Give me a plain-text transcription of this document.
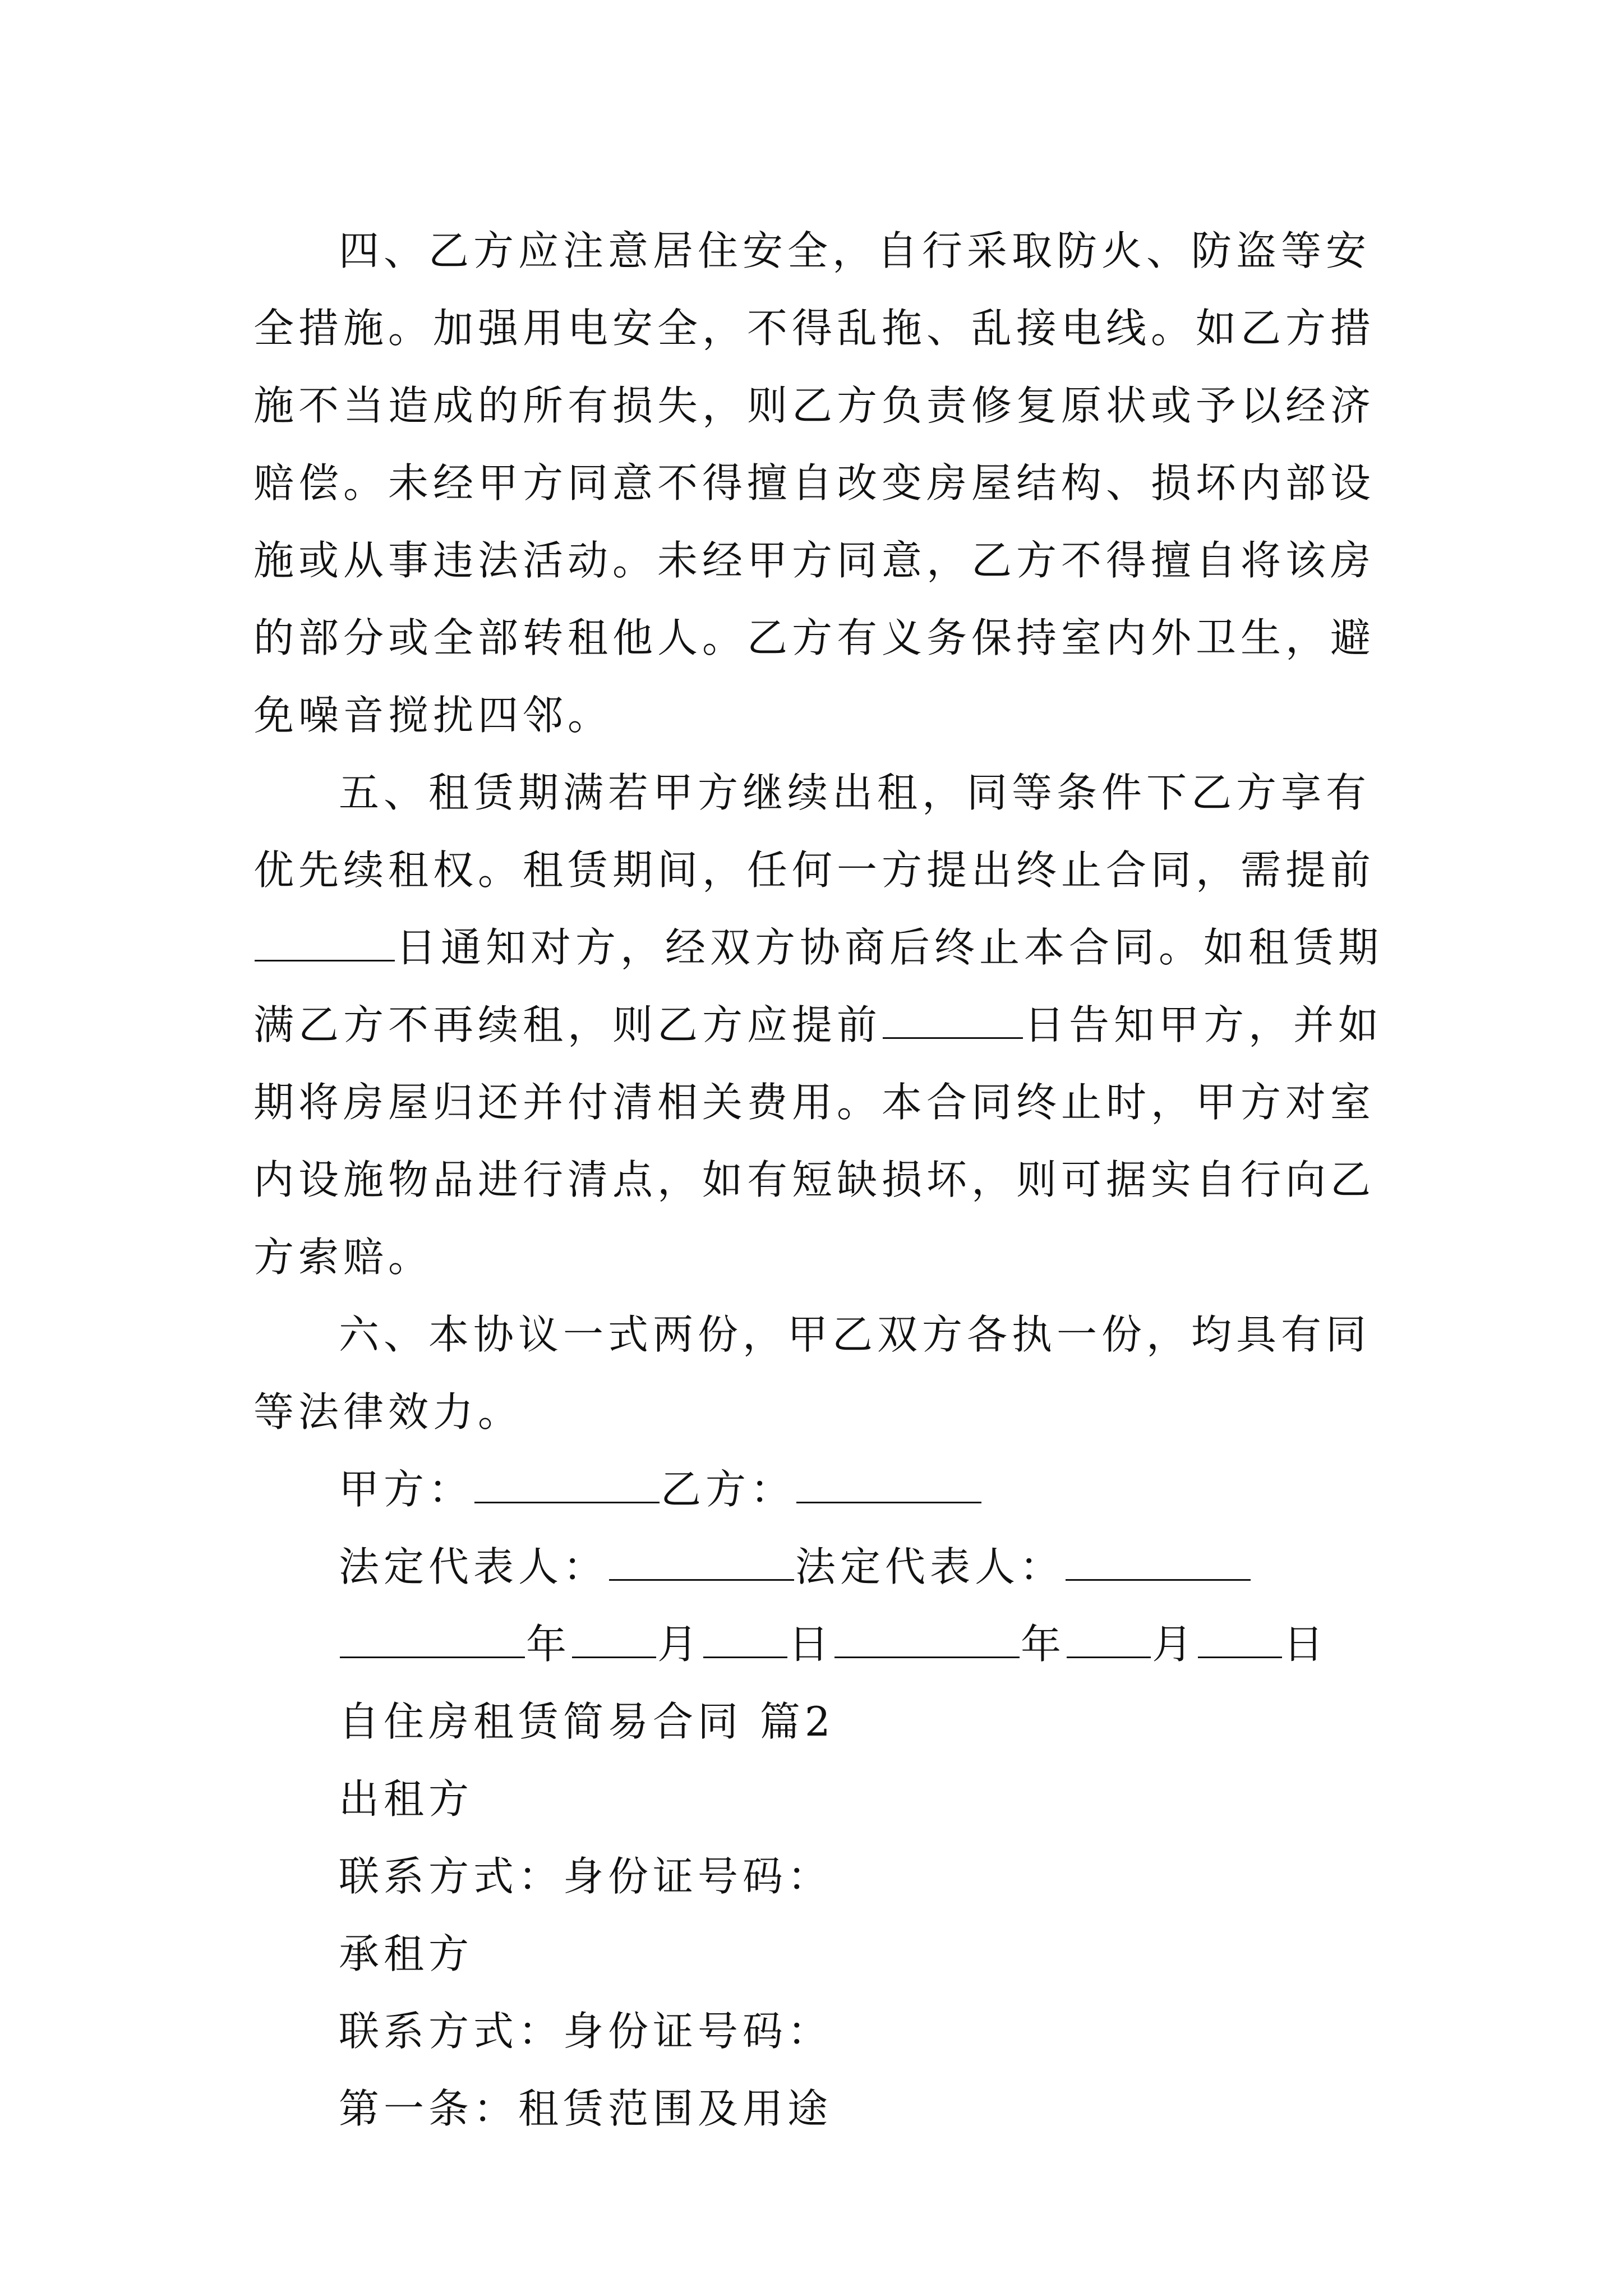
四、乙方应注意居住安全，自行采取防火、防盗等安全措施。加强用电安全，不得乱拖、乱接电线。如乙方措施不当造成的所有损失，则乙方负责修复原状或予以经济赔偿。未经甲方同意不得擅自改变房屋结构、损坏内部设施或从事违法活动。未经甲方同意，乙方不得擅自将该房的部分或全部转租他人。乙方有义务保持室内外卫生，避免噪音搅扰四邻。

五、租赁期满若甲方继续出租，同等条件下乙方享有优先续租权。租赁期间，任何一方提出终止合同，需提前日通知对方，经双方协商后终止本合同。如租赁期满乙方不再续租，则乙方应提前	日告知甲方，并如期将房屋归还并付清相关费用。本合同终止时，甲方对室内设施物品进行清点，如有短缺损坏，则可据实自行向乙方索赔。

六、本协议一式两份，甲乙双方各执一份，均具有同等法律效力。

甲方：	乙方：

法定代表人：	法定代表人：

年 月 日	年 月 日

自住房租赁简易合同 篇2

出租方

联系方式：身份证号码：

承租方

联系方式：身份证号码：

第一条：租赁范围及用途
